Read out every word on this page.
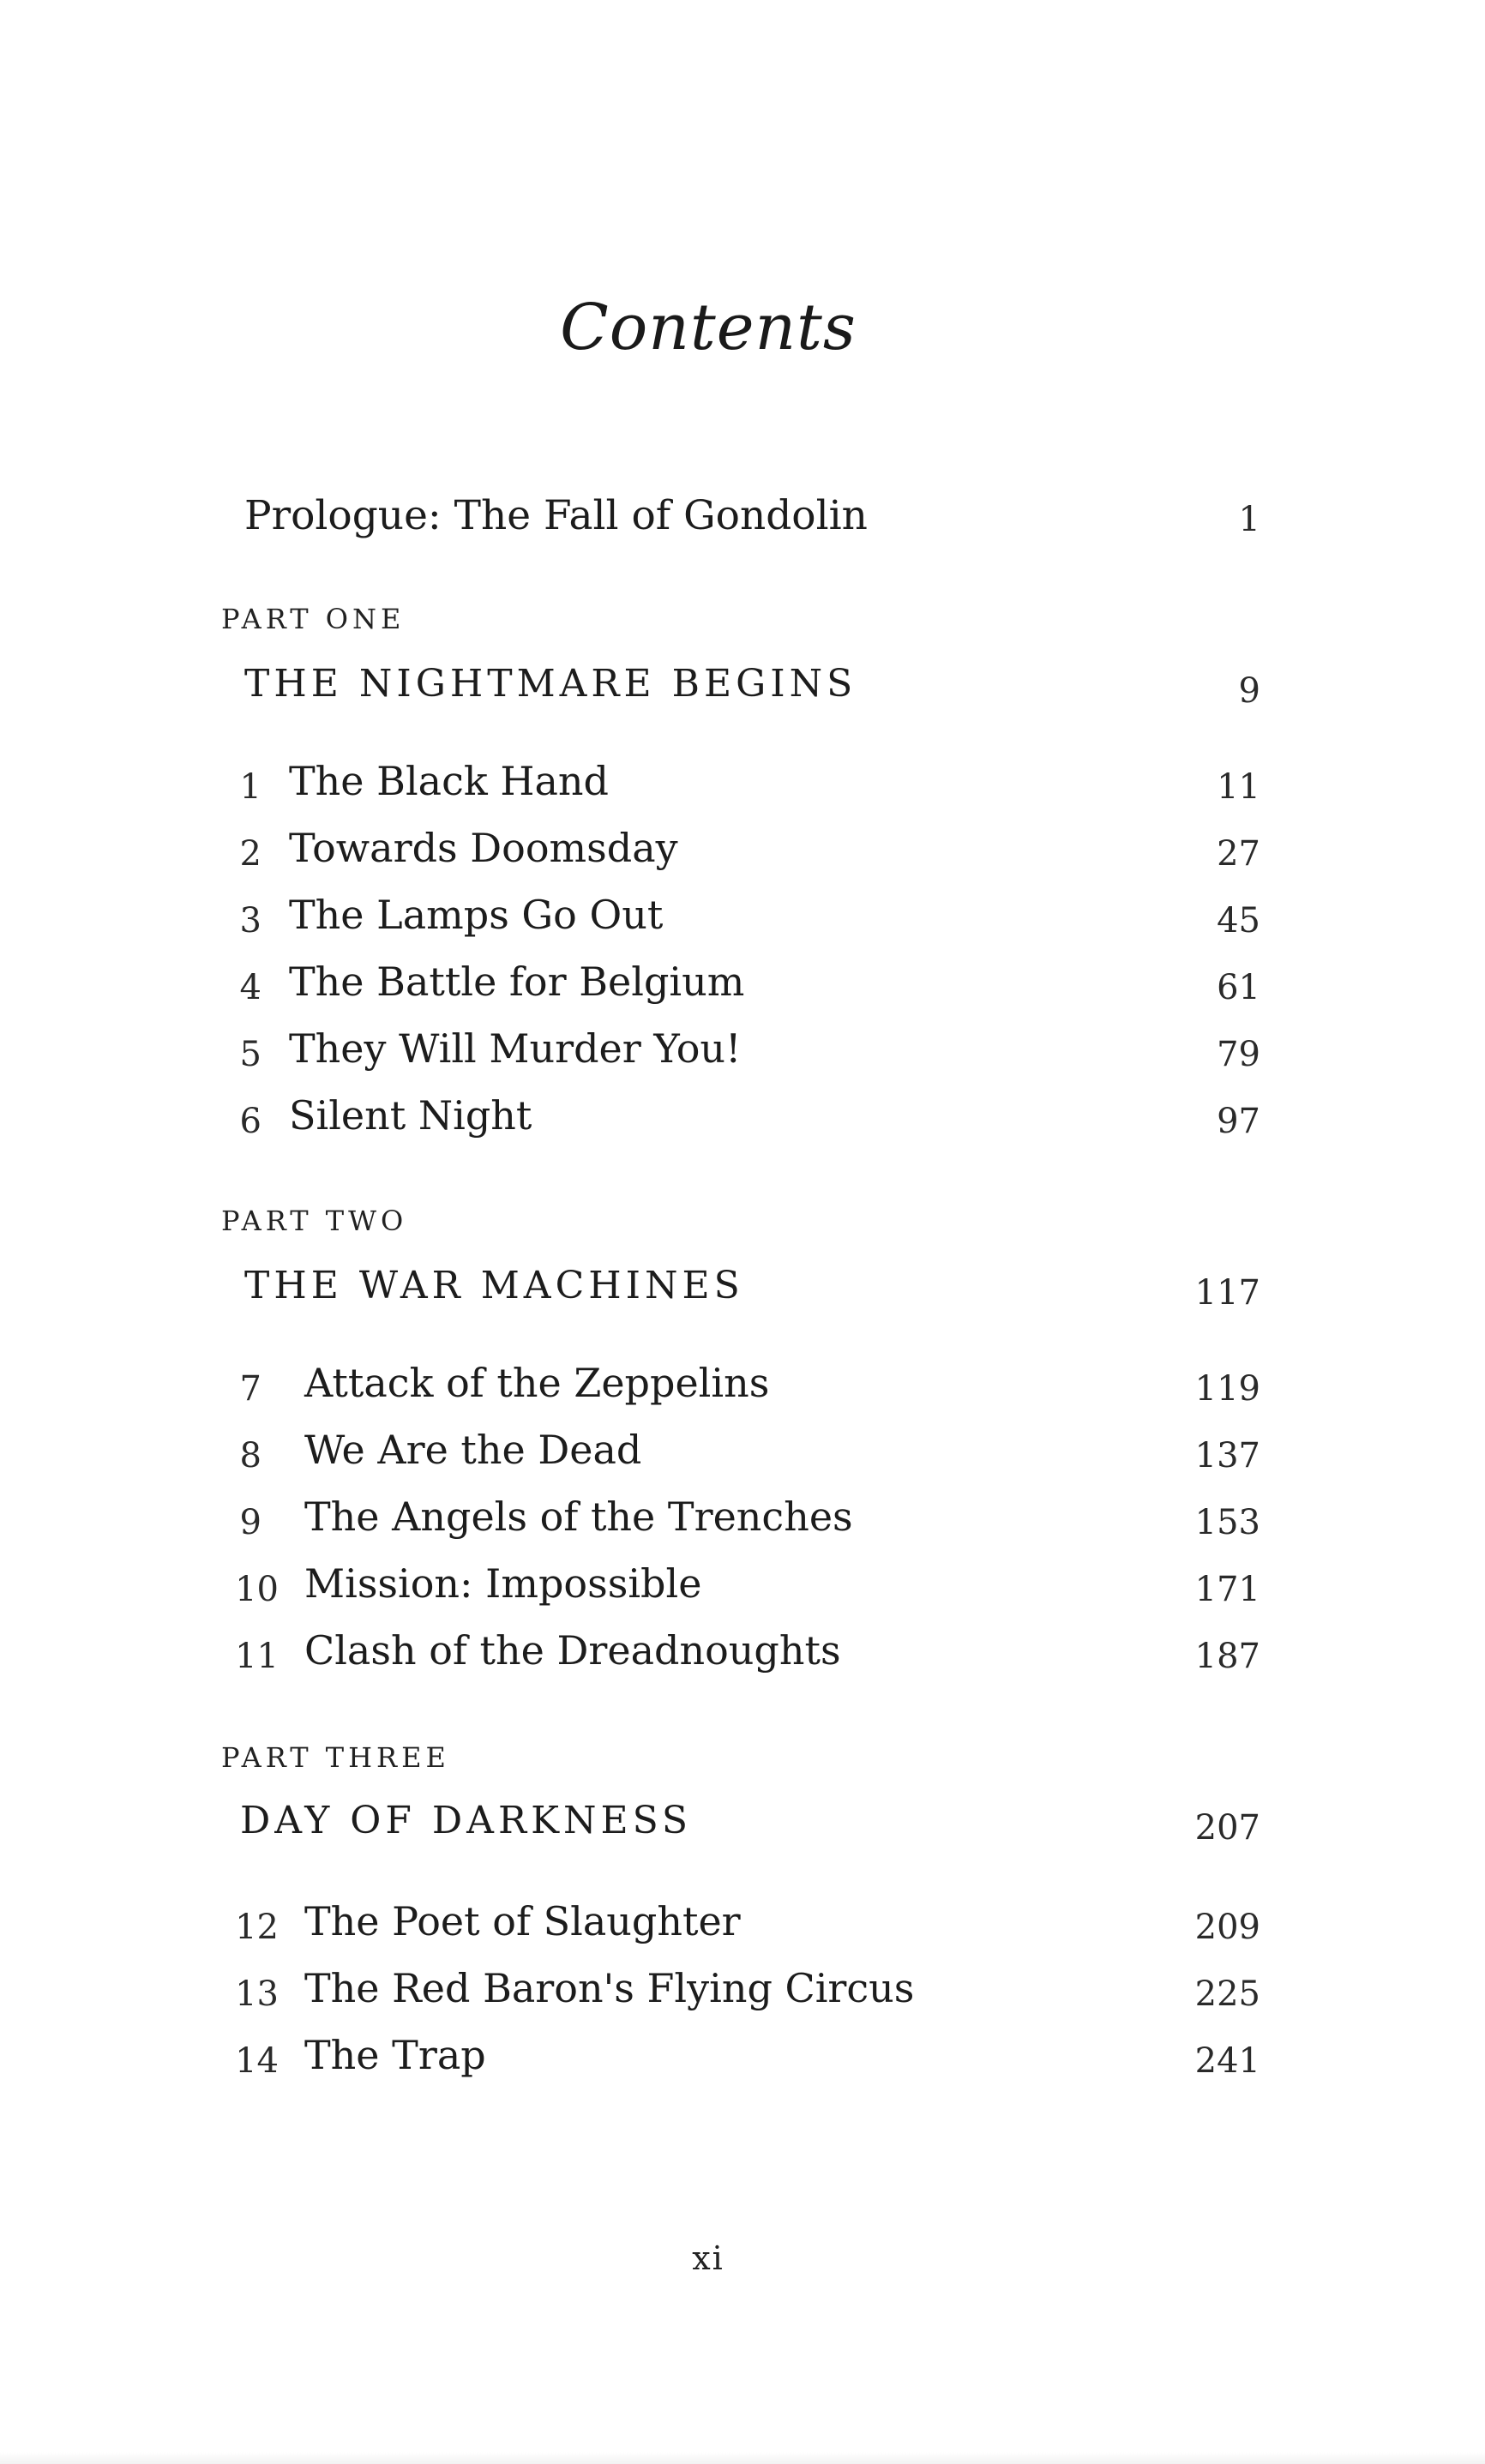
Contents
Prologue: The Fall of Gondolin	1
PART ONE
THE NIGHTMARE BEGINS	9
1 The Black Hand	11
2 Towards Doomsday	27
3 The Lamps Go Out	45
4 The Battle for Belgium	61
5 They Will Murder You!	79
6 Silent Night	97
PART TWO
THE WAR MACHINES	117
7 Attack of the Zeppelins	119
8 We Are the Dead	137
9 The Angels of the Trenches	153
10 Mission: Impossible	171
11 Clash of the Dreadnoughts	187
PART THREE
DAY OF DARKNESS	207
12 The Poet of Slaughter	209
13 The Red Baron's Flying Circus	225
14 The Trap	241
xi
